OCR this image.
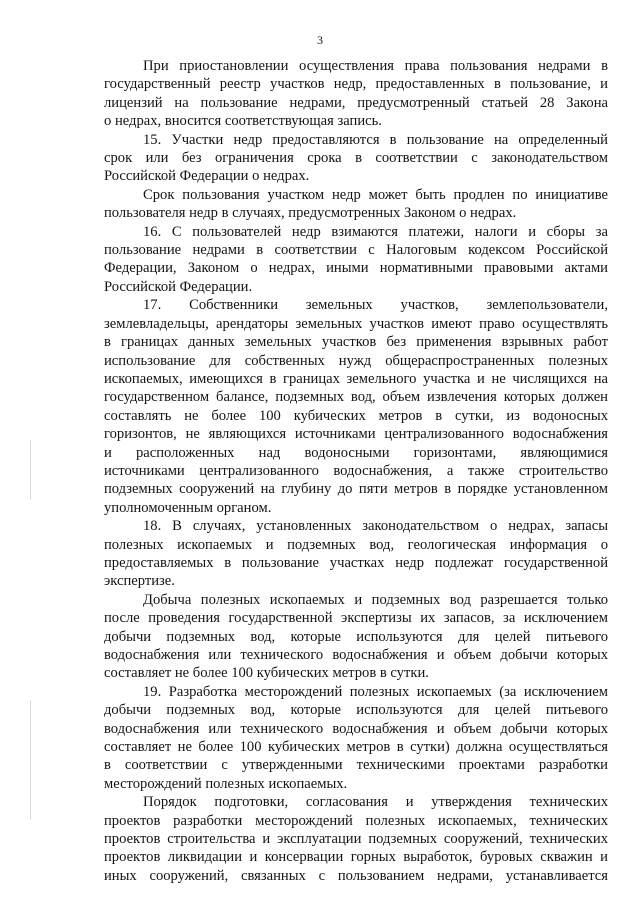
3
При приостановлении осуществления права пользования недрами в
государственный реестр участков недр, предоставленных в пользование, и
лицензий на пользование недрами, предусмотренный статьей 28 Закона
о недрах, вносится соответствующая запись.
15. Участки недр предоставляются в пользование на определенный
срок или без ограничения срока в соответствии с законодательством
Российской Федерации о недрах.
Срок пользования участком недр может быть продлен по инициативе
пользователя недр в случаях, предусмотренных Законом о недрах.
16. С пользователей недр взимаются платежи, налоги и сборы за
пользование недрами в соответствии с Налоговым кодексом Российской
Федерации, Законом о недрах, иными нормативными правовыми актами
Российской Федерации.
17. Собственники земельных участков, землепользователи,
землевладельцы, арендаторы земельных участков имеют право осуществлять
в границах данных земельных участков без применения взрывных работ
использование для собственных нужд общераспространенных полезных
ископаемых, имеющихся в границах земельного участка и не числящихся на
государственном балансе, подземных вод, объем извлечения которых должен
составлять не более 100 кубических метров в сутки, из водоносных
горизонтов, не являющихся источниками централизованного водоснабжения
и расположенных над водоносными горизонтами, являющимися
источниками централизованного водоснабжения, а также строительство
подземных сооружений на глубину до пяти метров в порядке установленном
уполномоченным органом.
18. В случаях, установленных законодательством о недрах, запасы
полезных ископаемых и подземных вод, геологическая информация о
предоставляемых в пользование участках недр подлежат государственной
экспертизе.
Добыча полезных ископаемых и подземных вод разрешается только
после проведения государственной экспертизы их запасов, за исключением
добычи подземных вод, которые используются для целей питьевого
водоснабжения или технического водоснабжения и объем добычи которых
составляет не более 100 кубических метров в сутки.
19. Разработка месторождений полезных ископаемых (за исключением
добычи подземных вод, которые используются для целей питьевого
водоснабжения или технического водоснабжения и объем добычи которых
составляет не более 100 кубических метров в сутки) должна осуществляться
в соответствии с утвержденными техническими проектами разработки
месторождений полезных ископаемых.
Порядок подготовки, согласования и утверждения технических
проектов разработки месторождений полезных ископаемых, технических
проектов строительства и эксплуатации подземных сооружений, технических
проектов ликвидации и консервации горных выработок, буровых скважин и
иных сооружений, связанных с пользованием недрами, устанавливается
